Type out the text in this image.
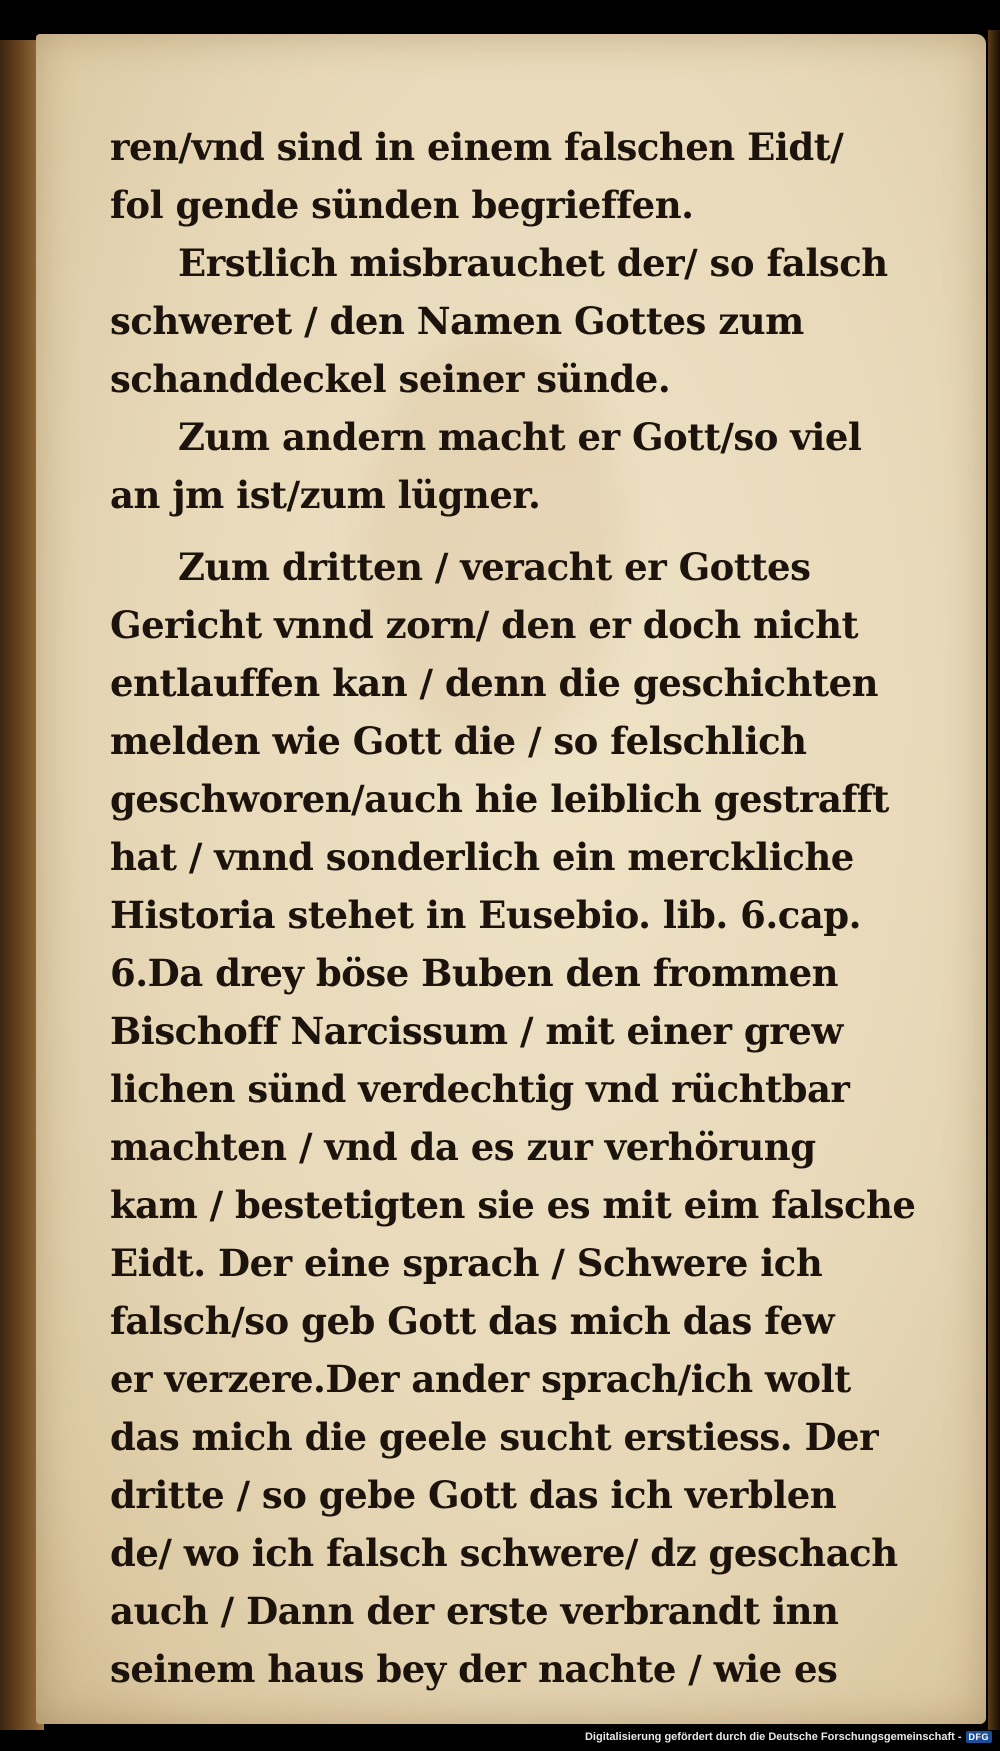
ren/vnd sind in einem falschen Eidt/
fol gende sünden begrieffen.
Erstlich misbrauchet der/ so falsch
schweret / den Namen Gottes zum
schanddeckel seiner sünde.
Zum andern macht er Gott/so viel
an jm ist/zum lügner.
Zum dritten / veracht er Gottes
Gericht vnnd zorn/ den er doch nicht
entlauffen kan / denn die geschichten
melden wie Gott die / so felschlich
geschworen/auch hie leiblich gestrafft
hat / vnnd sonderlich ein merckliche
Historia stehet in Eusebio. lib. 6.cap.
6.Da drey böse Buben den frommen
Bischoff Narcissum / mit einer grew
lichen sünd verdechtig vnd rüchtbar
machten / vnd da es zur verhörung
kam / bestetigten sie es mit eim falsche
Eidt. Der eine sprach / Schwere ich
falsch/so geb Gott das mich das few
er verzere.Der ander sprach/ich wolt
das mich die geele sucht erstiess. Der
dritte / so gebe Gott das ich verblen
de/ wo ich falsch schwere/ dz geschach
auch / Dann der erste verbrandt inn
seinem haus bey der nachte / wie es
Digitalisierung gefördert durch die Deutsche Forschungsgemeinschaft - DFG
